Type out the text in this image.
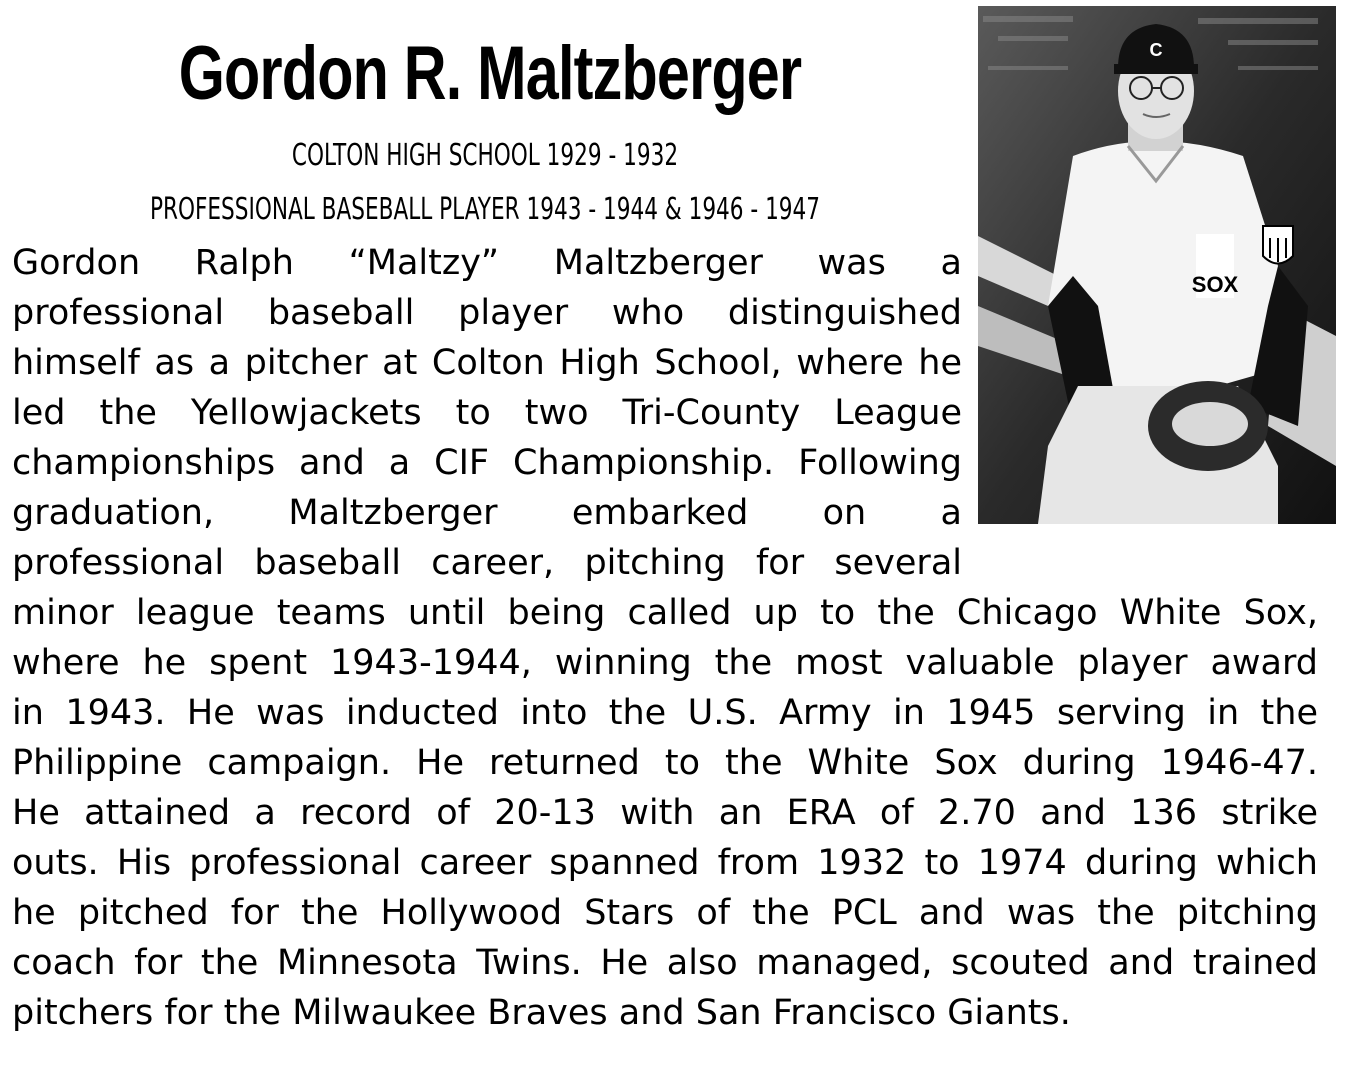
Gordon R. Maltzberger
COLTON HIGH SCHOOL 1929 - 1932
PROFESSIONAL BASEBALL PLAYER 1943 - 1944 & 1946 - 1947
C
SOX
Gordon Ralph “Maltzy” Maltzberger was a
professional baseball player who distinguished
himself as a pitcher at Colton High School, where he
led the Yellowjackets to two Tri-County League
championships and a CIF Championship. Following
graduation, Maltzberger embarked on a
professional baseball career, pitching for several
minor league teams until being called up to the Chicago White Sox,
where he spent 1943-1944, winning the most valuable player award
in 1943. He was inducted into the U.S. Army in 1945 serving in the
Philippine campaign. He returned to the White Sox during 1946-47.
He attained a record of 20-13 with an ERA of 2.70 and 136 strike
outs. His professional career spanned from 1932 to 1974 during which
he pitched for the Hollywood Stars of the PCL and was the pitching
coach for the Minnesota Twins. He also managed, scouted and trained
pitchers for the Milwaukee Braves and San Francisco Giants.
